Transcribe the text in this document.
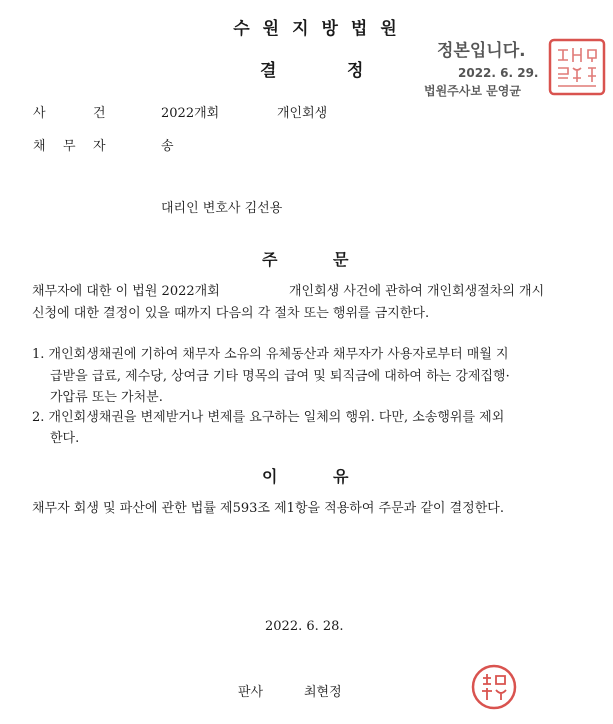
수원지방법원
결	정
정본입니다.
2022. 6. 29.
법원주사보 문영균
사	건	2022개회	개인회생
채 무 자	송
대리인 변호사 김선용
주	문
채무자에 대한 이 법원 2022개회	개인회생 사건에 관하여 개인회생절차의 개시
신청에 대한 결정이 있을 때까지 다음의 각 절차 또는 행위를 금지한다.
1. 개인회생채권에 기하여 채무자 소유의 유체동산과 채무자가 사용자로부터 매월 지
급받을 급료, 제수당, 상여금 기타 명목의 급여 및 퇴직금에 대하여 하는 강제집행·
가압류 또는 가처분.
2. 개인회생채권을 변제받거나 변제를 요구하는 일체의 행위. 다만, 소송행위를 제외
한다.
이	유
채무자 회생 및 파산에 관한 법률 제593조 제1항을 적용하여 주문과 같이 결정한다.
2022. 6. 28.
판사	최현정
